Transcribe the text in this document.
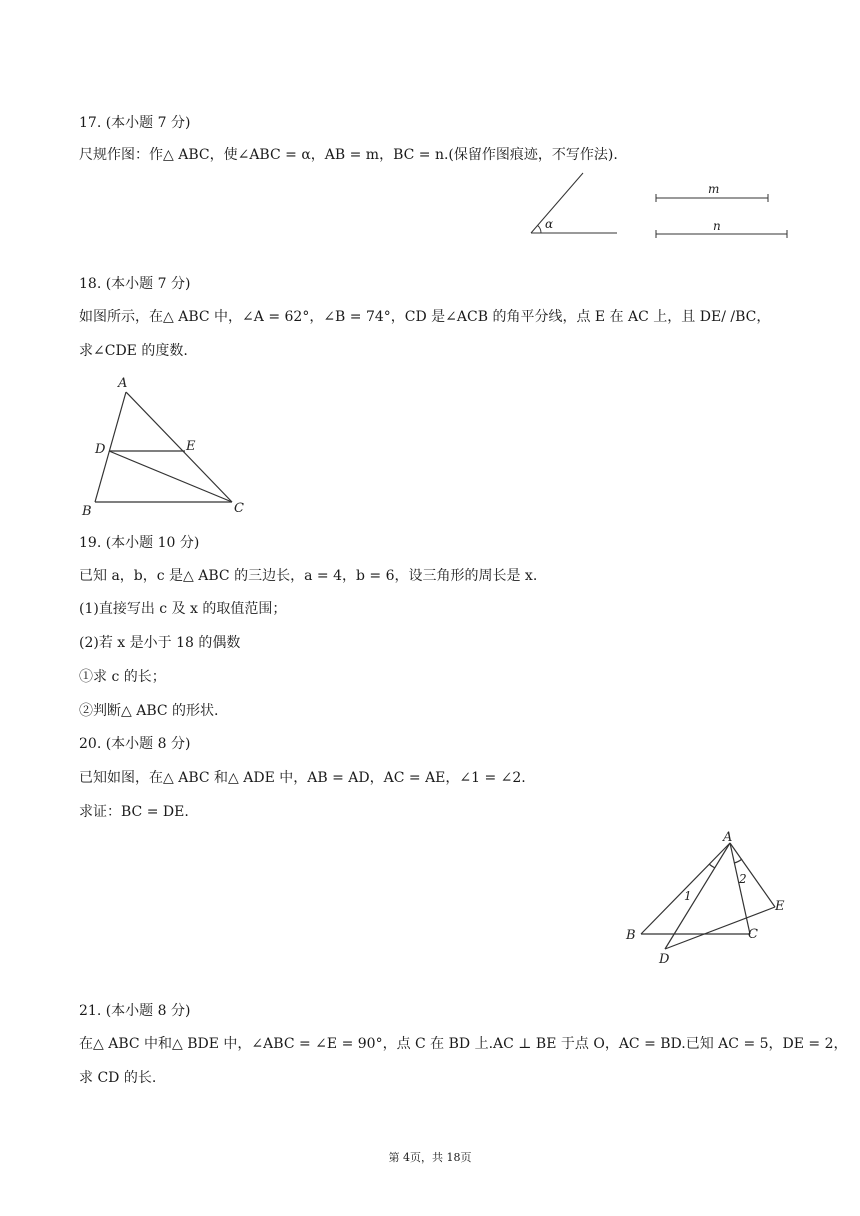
17. (本小题 7 分)
尺规作图：作△ ABC，使∠ABC = α，AB = m，BC = n.(保留作图痕迹，不写作法).
α
m
n
18. (本小题 7 分)
如图所示，在△ ABC 中，∠A = 62°，∠B = 74°，CD 是∠ACB 的角平分线，点 E 在 AC 上，且 DE/ /BC，
求∠CDE 的度数.
A
B	C
D	E
19. (本小题 10 分)
已知 a，b，c 是△ ABC 的三边长，a = 4，b = 6，设三角形的周长是 x.
(1)直接写出 c 及 x 的取值范围；
(2)若 x 是小于 18 的偶数
①求 c 的长；
②判断△ ABC 的形状.
20. (本小题 8 分)
已知如图，在△ ABC 和△ ADE 中，AB = AD，AC = AE，∠1 = ∠2.
求证：BC = DE.
A
B	C
D
E
1
2
21. (本小题 8 分)
在△ ABC 中和△ BDE 中，∠ABC = ∠E = 90°，点 C 在 BD 上.AC ⊥ BE 于点 O，AC = BD.已知 AC = 5，DE = 2，
求 CD 的长.
第 4页，共 18页
